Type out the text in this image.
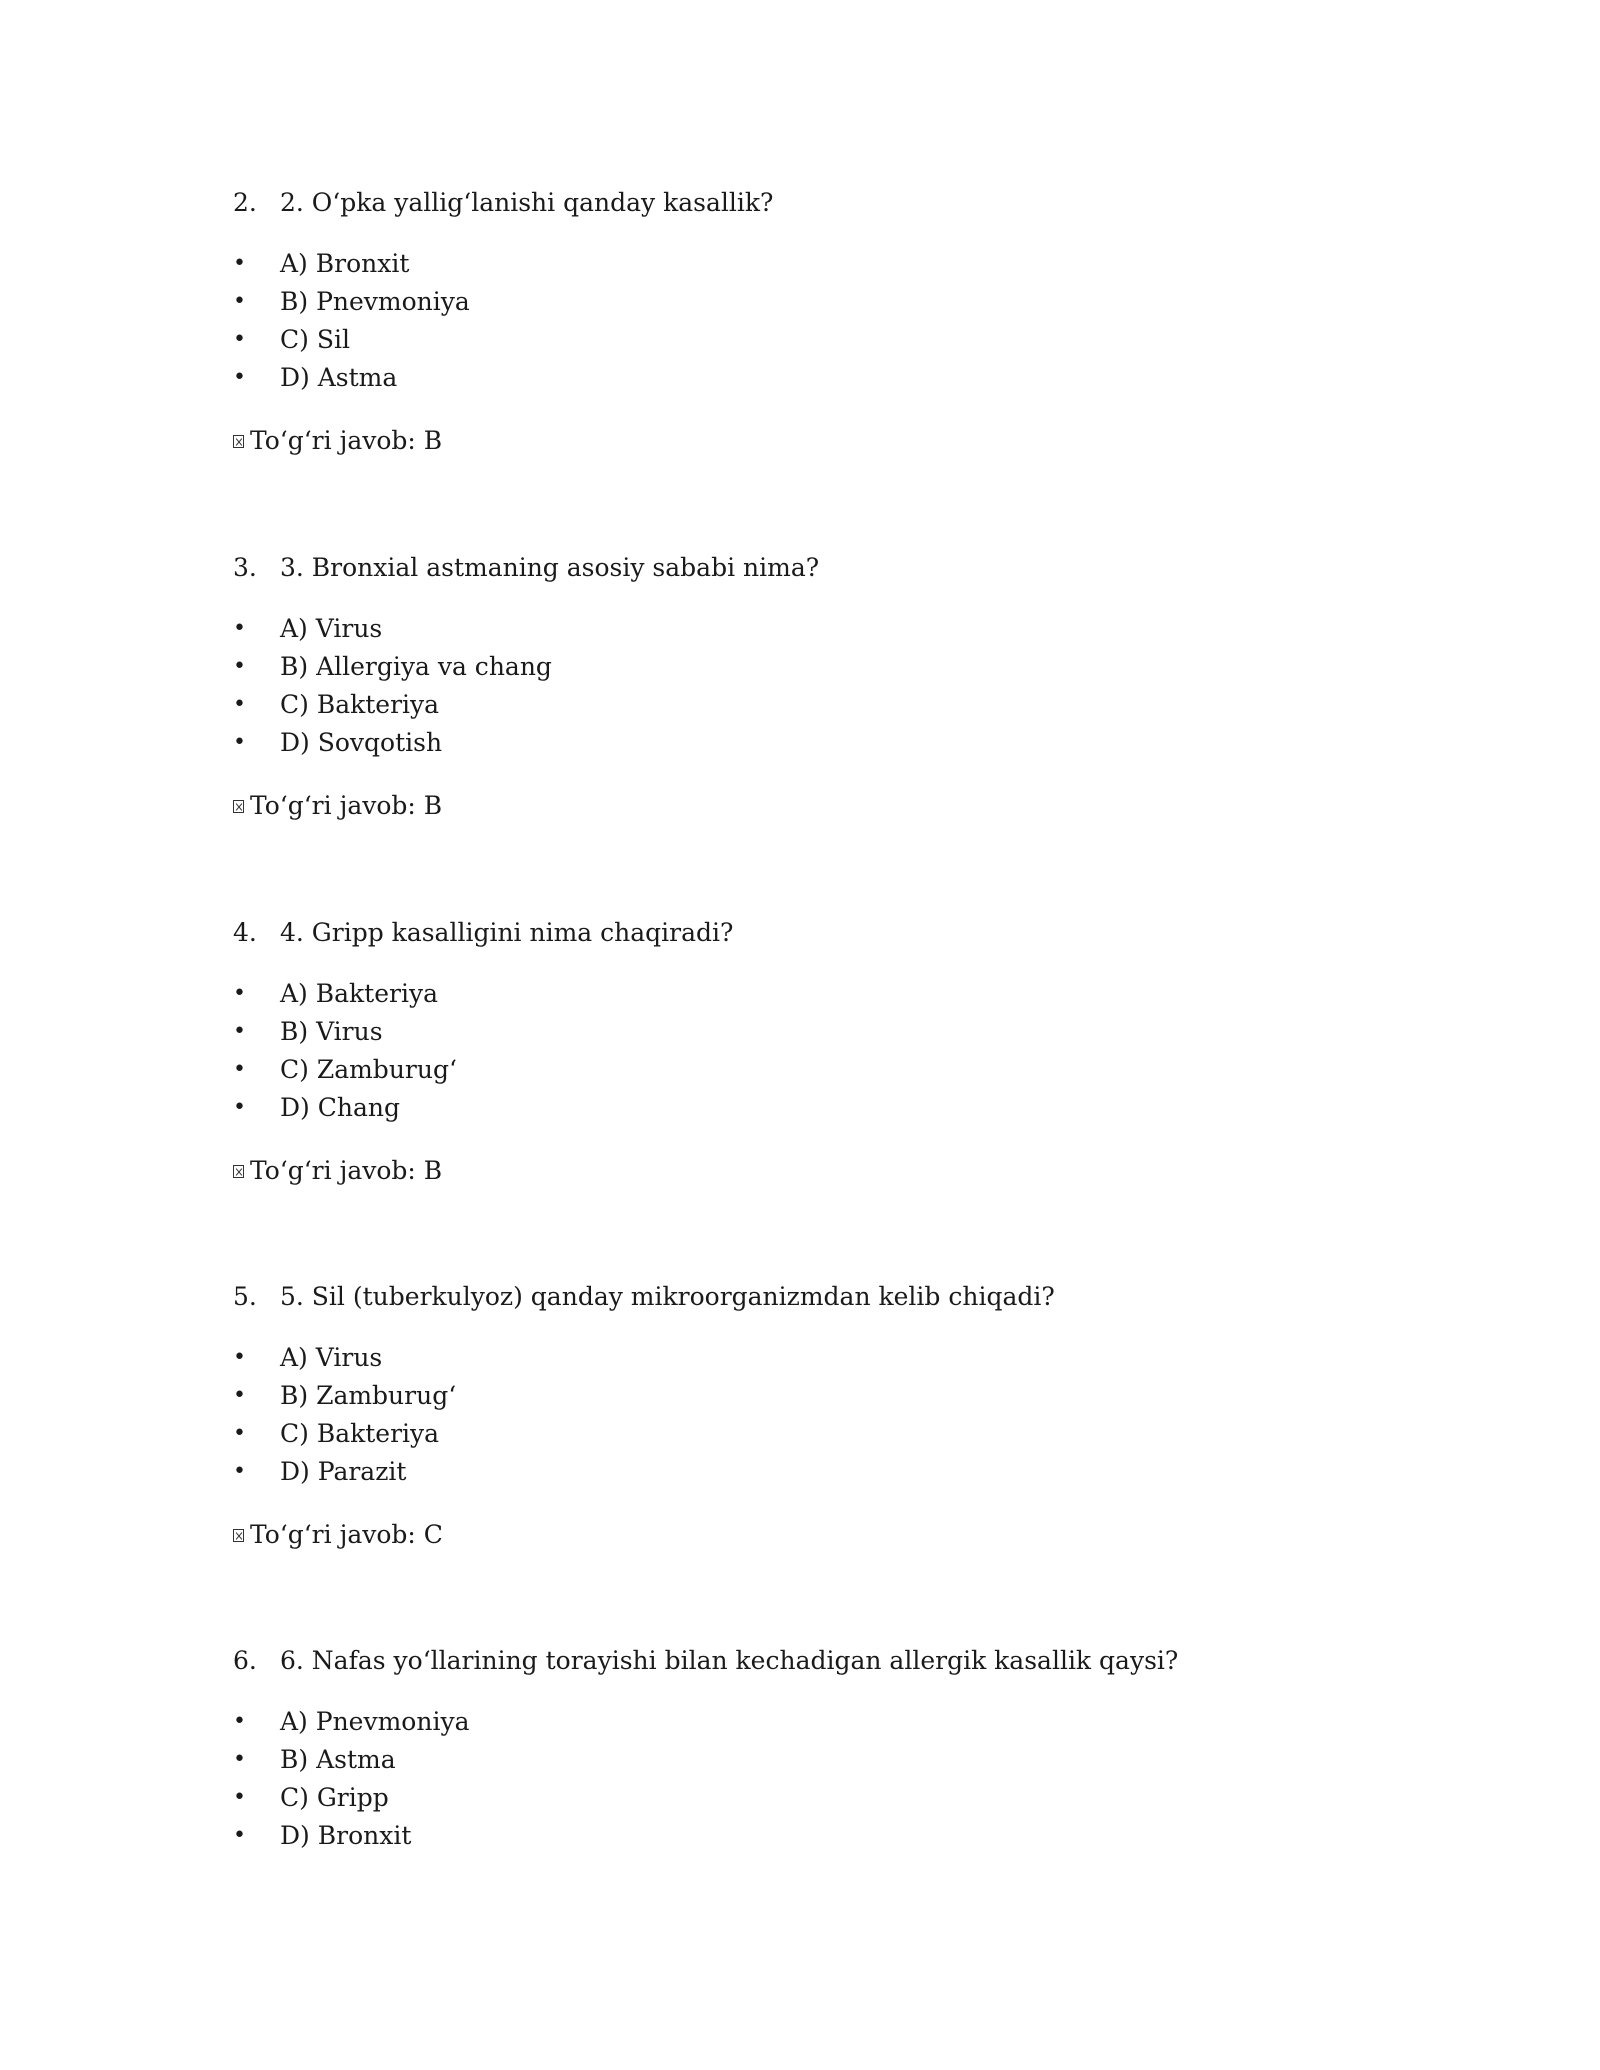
2. 2. O‘pka yallig‘lanishi qanday kasallik?
• A) Bronxit
• B) Pnevmoniya
• C) Sil
• D) Astma
To‘g‘ri javob: B
3. 3. Bronxial astmaning asosiy sababi nima?
• A) Virus
• B) Allergiya va chang
• C) Bakteriya
• D) Sovqotish
To‘g‘ri javob: B
4. 4. Gripp kasalligini nima chaqiradi?
• A) Bakteriya
• B) Virus
• C) Zamburug‘
• D) Chang
To‘g‘ri javob: B
5. 5. Sil (tuberkulyoz) qanday mikroorganizmdan kelib chiqadi?
• A) Virus
• B) Zamburug‘
• C) Bakteriya
• D) Parazit
To‘g‘ri javob: C
6. 6. Nafas yo‘llarining torayishi bilan kechadigan allergik kasallik qaysi?
• A) Pnevmoniya
• B) Astma
• C) Gripp
• D) Bronxit
